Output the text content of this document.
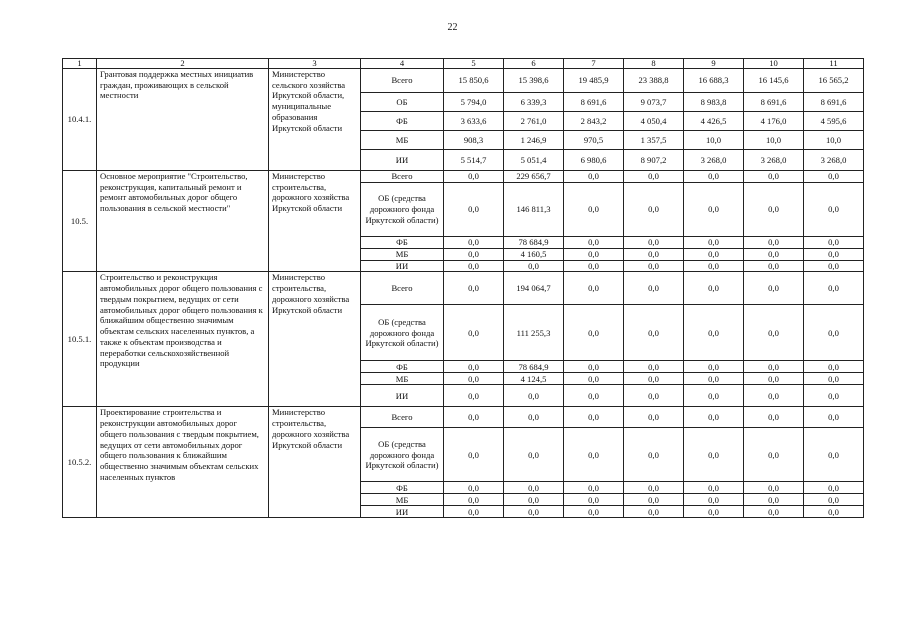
22
1	2	3	4	5	6	7	8	9	10	11
10.4.1.	Грантовая поддержка местных инициатив граждан, проживающих в сельской местности	Министерство сельского хозяйства Иркутской области, муниципальные образования Иркутской области	Всего	15 850,6	15 398,6	19 485,9	23 388,8	16 688,3	16 145,6	16 565,2
			ОБ	5 794,0	6 339,3	8 691,6	9 073,7	8 983,8	8 691,6	8 691,6
			ФБ	3 633,6	2 761,0	2 843,2	4 050,4	4 426,5	4 176,0	4 595,6
			МБ	908,3	1 246,9	970,5	1 357,5	10,0	10,0	10,0
			ИИ	5 514,7	5 051,4	6 980,6	8 907,2	3 268,0	3 268,0	3 268,0
10.5.	Основное мероприятие "Строительство, реконструкция, капитальный ремонт и ремонт автомобильных дорог общего пользования в сельской местности"	Министерство строительства, дорожного хозяйства Иркутской области	Всего	0,0	229 656,7	0,0	0,0	0,0	0,0	0,0
			ОБ (средства дорожного фонда Иркутской области)	0,0	146 811,3	0,0	0,0	0,0	0,0	0,0
			ФБ	0,0	78 684,9	0,0	0,0	0,0	0,0	0,0
			МБ	0,0	4 160,5	0,0	0,0	0,0	0,0	0,0
			ИИ	0,0	0,0	0,0	0,0	0,0	0,0	0,0
10.5.1.	Строительство и реконструкция автомобильных дорог общего пользования с твердым покрытием, ведущих от сети автомобильных дорог общего пользования к ближайшим общественно значимым объектам сельских населенных пунктов, а также к объектам производства и переработки сельскохозяйственной продукции	Министерство строительства, дорожного хозяйства Иркутской области	Всего	0,0	194 064,7	0,0	0,0	0,0	0,0	0,0
			ОБ (средства дорожного фонда Иркутской области)	0,0	111 255,3	0,0	0,0	0,0	0,0	0,0
			ФБ	0,0	78 684,9	0,0	0,0	0,0	0,0	0,0
			МБ	0,0	4 124,5	0,0	0,0	0,0	0,0	0,0
			ИИ	0,0	0,0	0,0	0,0	0,0	0,0	0,0
10.5.2.	Проектирование строительства и реконструкции автомобильных дорог общего пользования с твердым покрытием, ведущих от сети автомобильных дорог общего пользования к ближайшим общественно значимым объектам сельских населенных пунктов	Министерство строительства, дорожного хозяйства Иркутской области	Всего	0,0	0,0	0,0	0,0	0,0	0,0	0,0
			ОБ (средства дорожного фонда Иркутской области)	0,0	0,0	0,0	0,0	0,0	0,0	0,0
			ФБ	0,0	0,0	0,0	0,0	0,0	0,0	0,0
			МБ	0,0	0,0	0,0	0,0	0,0	0,0	0,0
			ИИ	0,0	0,0	0,0	0,0	0,0	0,0	0,0
